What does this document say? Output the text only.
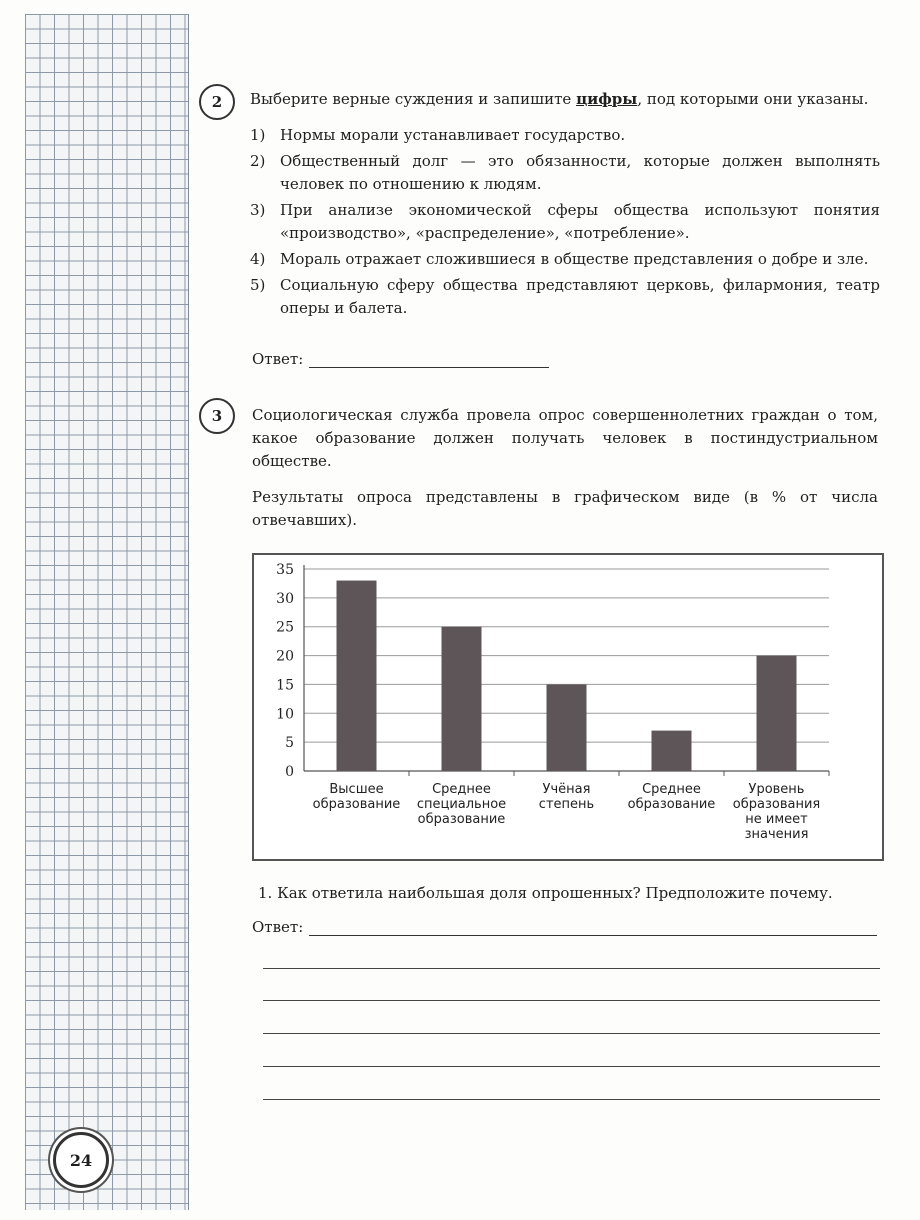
2 Выберите верные суждения и запишите цифры, под которыми они указаны.
1) Нормы морали устанавливает государство.
2) Общественный долг — это обязанности, которые должен выполнять человек по отношению к людям.
3) При анализе экономической сферы общества используют понятия «производство», «распределение», «потребление».
4) Мораль отражает сложившиеся в обществе представления о добре и зле.
5) Социальную сферу общества представляют церковь, филармония, театр оперы и балета.
Ответ:
3 Социологическая служба провела опрос совершеннолетних граждан о том, какое образование должен получать человек в постиндустриальном обществе.
Результаты опроса представлены в графическом виде (в % от числа отвечавших).
0
5
10
15
20
25
30
35
Высшее образование
Среднее специальное образование
Учёная степень
Среднее образование
Уровень образования не имеет значения
1. Как ответила наибольшая доля опрошенных? Предположите почему.
Ответ:
24
